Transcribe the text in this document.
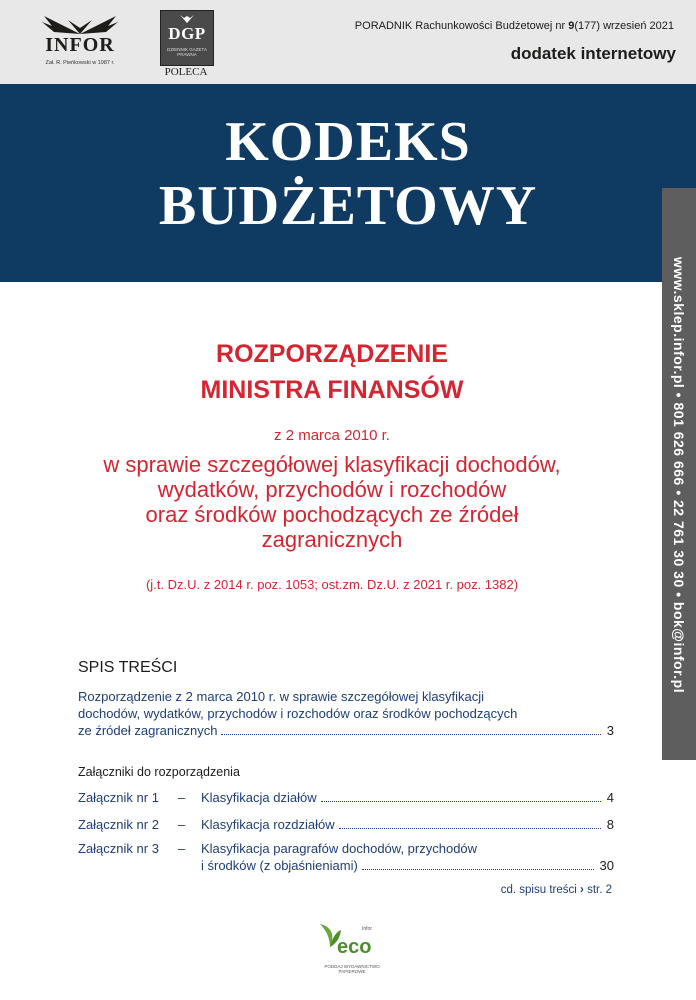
INFOR
Zał. R. Pieńkowski w 1987 r.
DGP
DZIENNIK GAZETA PRAWNA
POLECA
PORADNIK Rachunkowości Budżetowej nr 9(177) wrzesień 2021
dodatek internetowy
KODEKS
BUDŻETOWY
www.sklep.infor.pl • 801 626 666 • 22 761 30 30 • bok@infor.pl
ROZPORZĄDZENIE
MINISTRA FINANSÓW
z 2 marca 2010 r.
w sprawie szczegółowej klasyfikacji dochodów,
wydatków, przychodów i rozchodów
oraz środków pochodzących ze źródeł
zagranicznych
(j.t. Dz.U. z 2014 r. poz. 1053; ost.zm. Dz.U. z 2021 r. poz. 1382)
SPIS TREŚCI
Rozporządzenie z 2 marca 2010 r. w sprawie szczegółowej klasyfikacji
dochodów, wydatków, przychodów i rozchodów oraz środków pochodzących
ze źródeł zagranicznych	3
Załączniki do rozporządzenia
Załącznik nr 1 – Klasyfikacja działów	4
Załącznik nr 2 – Klasyfikacja rozdziałów	8
Załącznik nr 3 – Klasyfikacja paragrafów dochodów, przychodów
i środków (z objaśnieniami)	30
cd. spisu treści › str. 2
Infor
eco
PODDAJ WYDAWNICTWO PAPIEROWE
